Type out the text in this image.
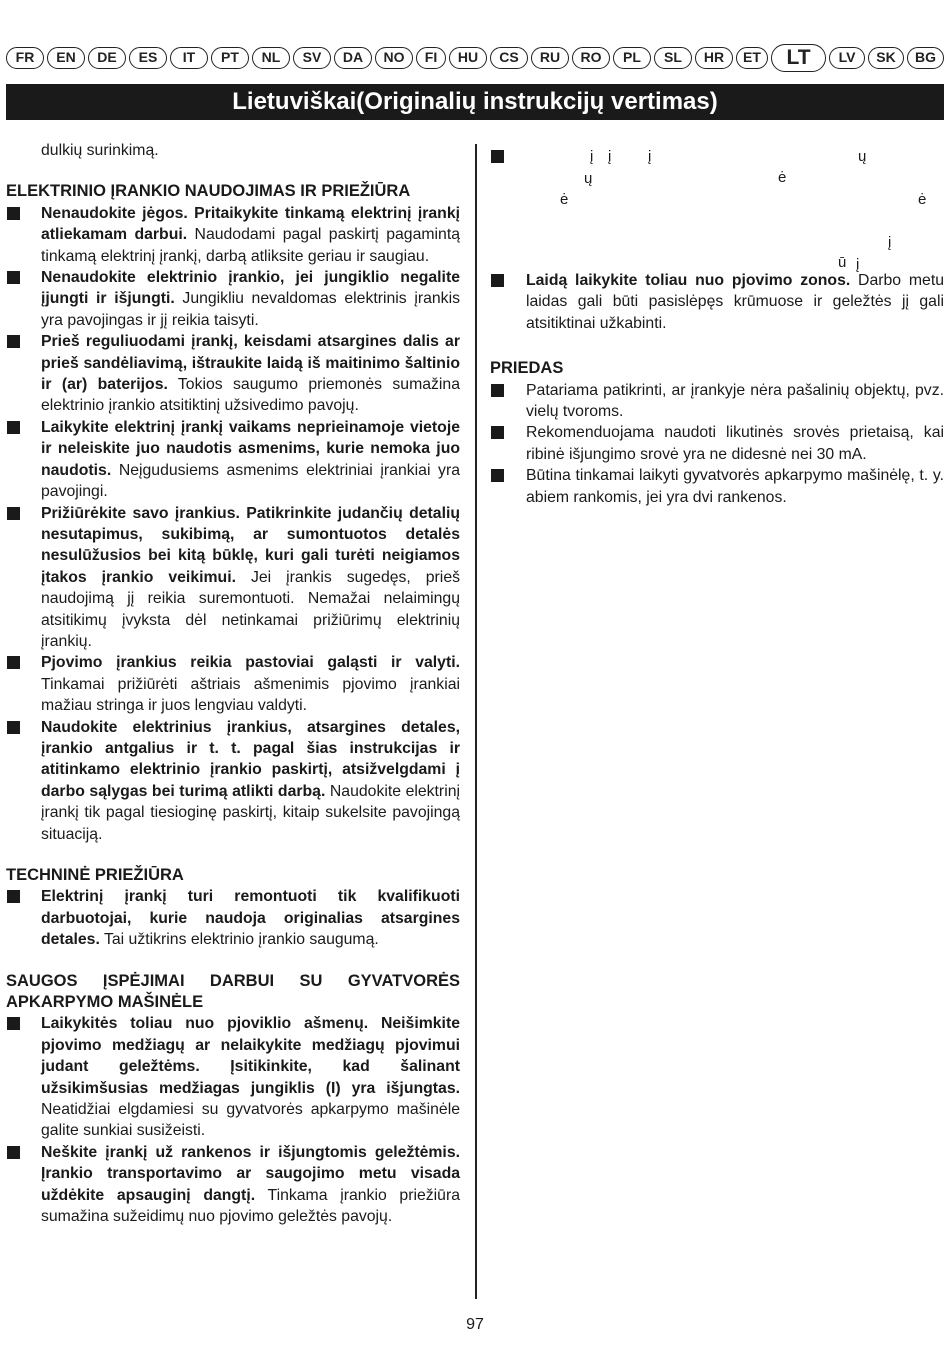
FR	EN	DE	ES	IT	PT	NL	SV	DA	NO	FI	HU	CS	RU	RO	PL	SL	HR	ET	LT	LV	SK	BG
Lietuviškai(Originalių instrukcijų vertimas)

dulkių surinkimą.

ELEKTRINIO ĮRANKIO NAUDOJIMAS IR PRIEŽIŪRA
Nenaudokite jėgos. Pritaikykite tinkamą elektrinį įrankį atliekamam darbui. Naudodami pagal paskirtį pagamintą tinkamą elektrinį įrankį, darbą atliksite geriau ir saugiau.
Nenaudokite elektrinio įrankio, jei jungiklio negalite įjungti ir išjungti. Jungikliu nevaldomas elektrinis įrankis yra pavojingas ir jį reikia taisyti.
Prieš reguliuodami įrankį, keisdami atsargines dalis ar prieš sandėliavimą, ištraukite laidą iš maitinimo šaltinio ir (ar) baterijos. Tokios saugumo priemonės sumažina elektrinio įrankio atsitiktinį užsivedimo pavojų.
Laikykite elektrinį įrankį vaikams neprieinamoje vietoje ir neleiskite juo naudotis asmenims, kurie nemoka juo naudotis. Neįgudusiems asmenims elektriniai įrankiai yra pavojingi.
Prižiūrėkite savo įrankius. Patikrinkite judančių detalių nesutapimus, sukibimą, ar sumontuotos detalės nesulūžusios bei kitą būklę, kuri gali turėti neigiamos įtakos įrankio veikimui. Jei įrankis sugedęs, prieš naudojimą jį reikia suremontuoti. Nemažai nelaimingų atsitikimų įvyksta dėl netinkamai prižiūrimų elektrinių įrankių.
Pjovimo įrankius reikia pastoviai galąsti ir valyti. Tinkamai prižiūrėti aštriais ašmenimis pjovimo įrankiai mažiau stringa ir juos lengviau valdyti.
Naudokite elektrinius įrankius, atsargines detales, įrankio antgalius ir t. t. pagal šias instrukcijas ir atitinkamo elektrinio įrankio paskirtį, atsižvelgdami į darbo sąlygas bei turimą atlikti darbą. Naudokite elektrinį įrankį tik pagal tiesioginę paskirtį, kitaip sukelsite pavojingą situaciją.
TECHNINĖ PRIEŽIŪRA
Elektrinį įrankį turi remontuoti tik kvalifikuoti darbuotojai, kurie naudoja originalias atsargines detales. Tai užtikrins elektrinio įrankio saugumą.
SAUGOS ĮSPĖJIMAI DARBUI SU GYVATVORĖS APKARPYMO MAŠINĖLE
Laikykitės toliau nuo pjoviklio ašmenų. Neišimkite pjovimo medžiagų ar nelaikykite medžiagų pjovimui judant geležtėms. Įsitikinkite, kad šalinant užsikimšusias medžiagas jungiklis (I) yra išjungtas. Neatidžiai elgdamiesi su gyvatvorės apkarpymo mašinėle galite sunkiai susižeisti.
Neškite įrankį už rankenos ir išjungtomis geležtėmis. Įrankio transportavimo ar saugojimo metu visada uždėkite apsauginį dangtį. Tinkama įrankio priežiūra sumažina sužeidimų nuo pjovimo geležtės pavojų.
į į į	ų
ų	ė
ė	ė
į
ū į
Laidą laikykite toliau nuo pjovimo zonos. Darbo metu laidas gali būti pasislėpęs krūmuose ir geležtės jį gali atsitiktinai užkabinti.
PRIEDAS
Patariama patikrinti, ar įrankyje nėra pašalinių objektų, pvz. vielų tvoroms.
Rekomenduojama naudoti likutinės srovės prietaisą, kai ribinė išjungimo srovė yra ne didesnė nei 30 mA.
Būtina tinkamai laikyti gyvatvorės apkarpymo mašinėlę, t. y. abiem rankomis, jei yra dvi rankenos.
97
